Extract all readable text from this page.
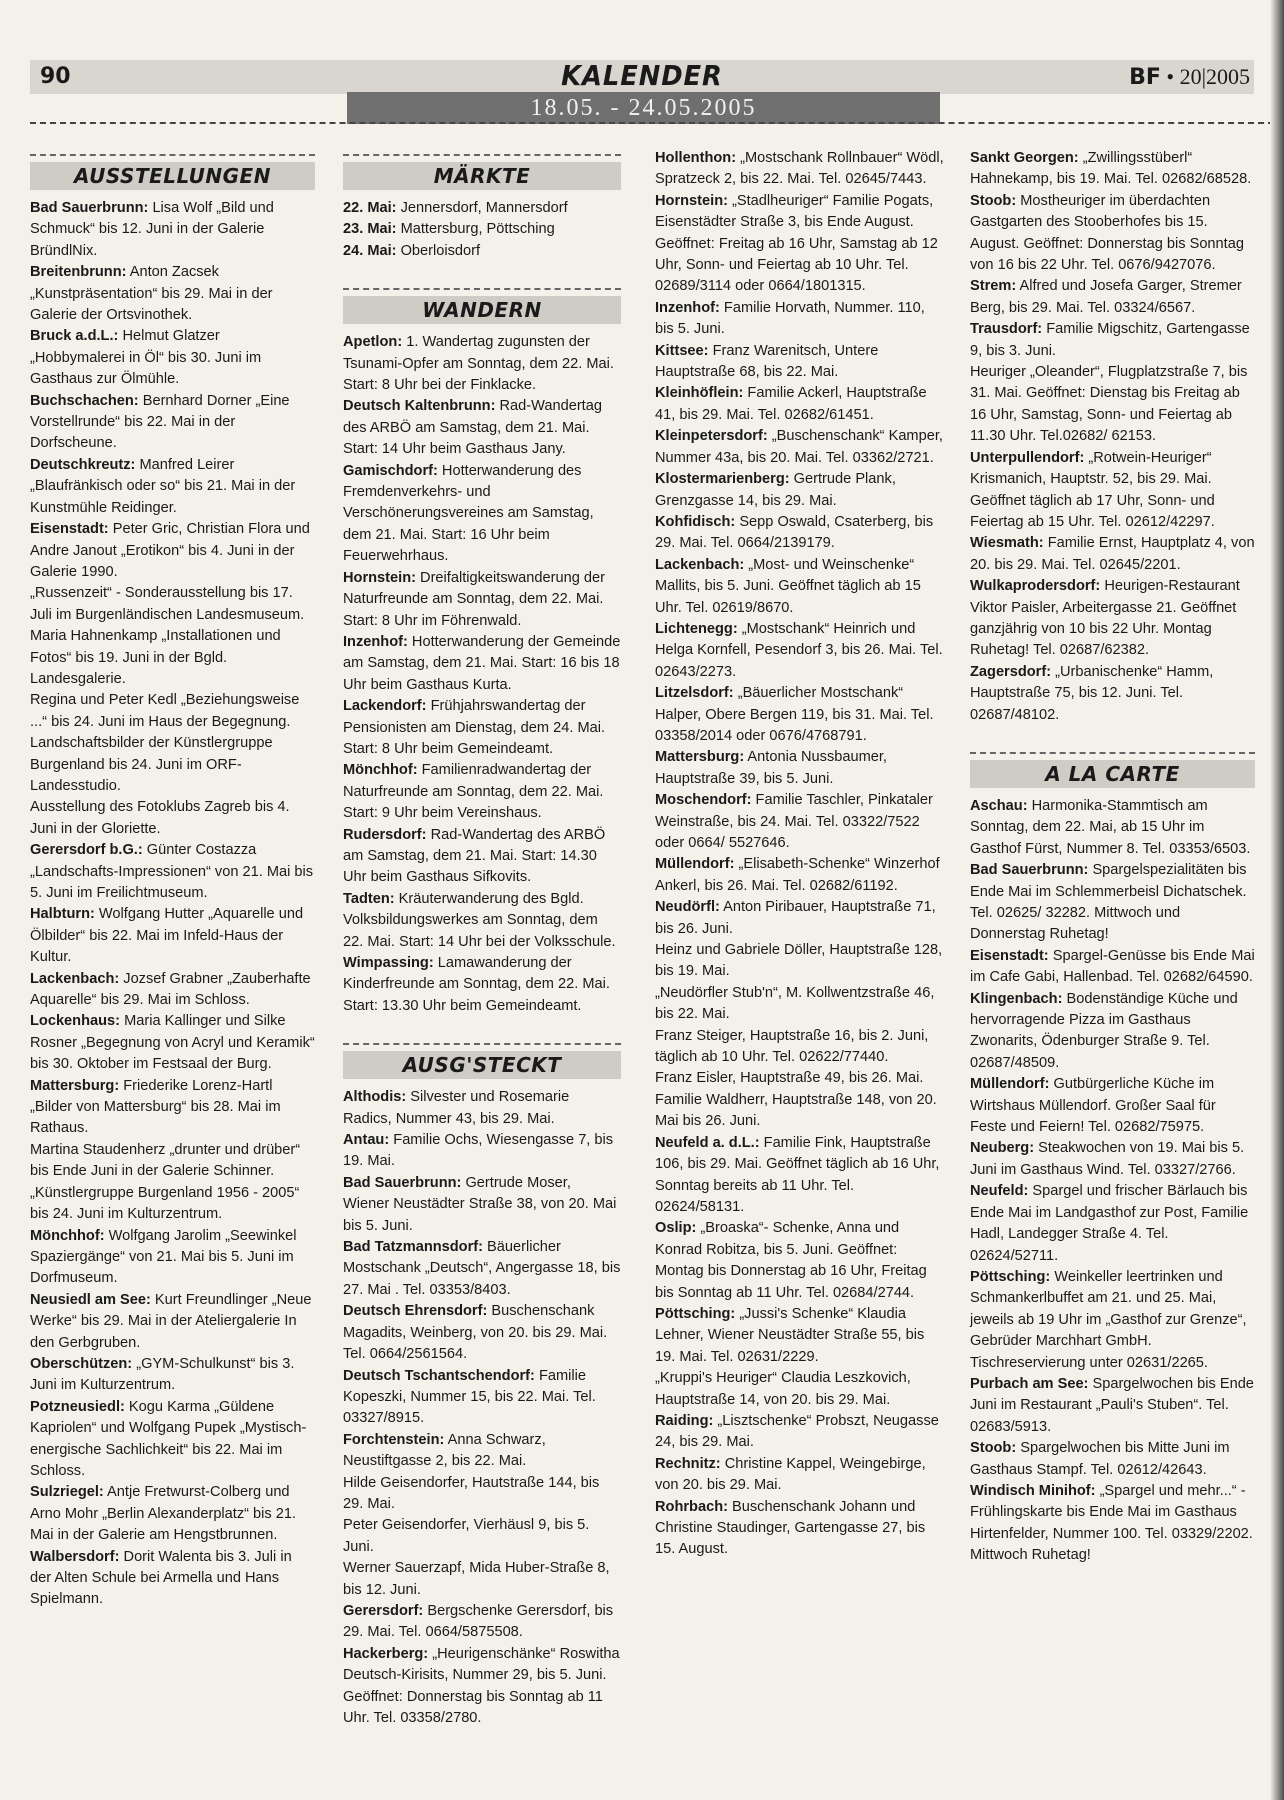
90	KALENDER	BF • 20|2005
18.05. - 24.05.2005
AUSSTELLUNGEN

Bad Sauerbrunn: Lisa Wolf „Bild und Schmuck“ bis 12. Juni in der Galerie BründlNix.

Breitenbrunn: Anton Zacsek „Kunstpräsentation“ bis 29. Mai in der Galerie der Ortsvinothek.

Bruck a.d.L.: Helmut Glatzer „Hobbymalerei in Öl“ bis 30. Juni im Gasthaus zur Ölmühle.

Buchschachen: Bernhard Dorner „Eine Vorstellrunde“ bis 22. Mai in der Dorfscheune.

Deutschkreutz: Manfred Leirer „Blaufränkisch oder so“ bis 21. Mai in der Kunstmühle Reidinger.

Eisenstadt: Peter Gric, Christian Flora und Andre Janout „Erotikon“ bis 4. Juni in der Galerie 1990.

„Russenzeit“ - Sonderausstellung bis 17. Juli im Burgenländischen Landesmuseum.

Maria Hahnenkamp „Installationen und Fotos“ bis 19. Juni in der Bgld. Landesgalerie.

Regina und Peter Kedl „Beziehungsweise ...“ bis 24. Juni im Haus der Begegnung.

Landschaftsbilder der Künstlergruppe Burgenland bis 24. Juni im ORF-Landesstudio.

Ausstellung des Fotoklubs Zagreb bis 4. Juni in der Gloriette.

Gerersdorf b.G.: Günter Costazza „Landschafts-Impressionen“ von 21. Mai bis 5. Juni im Freilichtmuseum.

Halbturn: Wolfgang Hutter „Aquarelle und Ölbilder“ bis 22. Mai im Infeld-Haus der Kultur.

Lackenbach: Jozsef Grabner „Zauberhafte Aquarelle“ bis 29. Mai im Schloss.

Lockenhaus: Maria Kallinger und Silke Rosner „Begegnung von Acryl und Keramik“ bis 30. Oktober im Festsaal der Burg.

Mattersburg: Friederike Lorenz-Hartl „Bilder von Mattersburg“ bis 28. Mai im Rathaus.

Martina Staudenherz „drunter und drüber“ bis Ende Juni in der Galerie Schinner.

„Künstlergruppe Burgenland 1956 - 2005“ bis 24. Juni im Kulturzentrum.

Mönchhof: Wolfgang Jarolim „Seewinkel Spaziergänge“ von 21. Mai bis 5. Juni im Dorfmuseum.

Neusiedl am See: Kurt Freundlinger „Neue Werke“ bis 29. Mai in der Ateliergalerie In den Gerbgruben.

Oberschützen: „GYM-Schulkunst“ bis 3. Juni im Kulturzentrum.

Potzneusiedl: Kogu Karma „Güldene Kapriolen“ und Wolfgang Pupek „Mystisch-energische Sachlichkeit“ bis 22. Mai im Schloss.

Sulzriegel: Antje Fretwurst-Colberg und Arno Mohr „Berlin Alexanderplatz“ bis 21. Mai in der Galerie am Hengstbrunnen.

Walbersdorf: Dorit Walenta bis 3. Juli in der Alten Schule bei Armella und Hans Spielmann.

MÄRKTE

22. Mai: Jennersdorf, Mannersdorf

23. Mai: Mattersburg, Pöttsching

24. Mai: Oberloisdorf

WANDERN

Apetlon: 1. Wandertag zugunsten der Tsunami-Opfer am Sonntag, dem 22. Mai. Start: 8 Uhr bei der Finklacke.

Deutsch Kaltenbrunn: Rad-Wandertag des ARBÖ am Samstag, dem 21. Mai. Start: 14 Uhr beim Gasthaus Jany.

Gamischdorf: Hotterwanderung des Fremdenverkehrs- und Verschönerungsvereines am Samstag, dem 21. Mai. Start: 16 Uhr beim Feuerwehrhaus.

Hornstein: Dreifaltigkeitswanderung der Naturfreunde am Sonntag, dem 22. Mai. Start: 8 Uhr im Föhrenwald.

Inzenhof: Hotterwanderung der Gemeinde am Samstag, dem 21. Mai. Start: 16 bis 18 Uhr beim Gasthaus Kurta.

Lackendorf: Frühjahrswandertag der Pensionisten am Dienstag, dem 24. Mai. Start: 8 Uhr beim Gemeindeamt.

Mönchhof: Familienradwandertag der Naturfreunde am Sonntag, dem 22. Mai. Start: 9 Uhr beim Vereinshaus.

Rudersdorf: Rad-Wandertag des ARBÖ am Samstag, dem 21. Mai. Start: 14.30 Uhr beim Gasthaus Sifkovits.

Tadten: Kräuterwanderung des Bgld. Volksbildungswerkes am Sonntag, dem 22. Mai. Start: 14 Uhr bei der Volksschule.

Wimpassing: Lamawanderung der Kinderfreunde am Sonntag, dem 22. Mai. Start: 13.30 Uhr beim Gemeindeamt.

AUSG'STECKT

Althodis: Silvester und Rosemarie Radics, Nummer 43, bis 29. Mai.

Antau: Familie Ochs, Wiesengasse 7, bis 19. Mai.

Bad Sauerbrunn: Gertrude Moser, Wiener Neustädter Straße 38, von 20. Mai bis 5. Juni.

Bad Tatzmannsdorf: Bäuerlicher Mostschank „Deutsch“, Angergasse 18, bis 27. Mai . Tel. 03353/8403.

Deutsch Ehrensdorf: Buschenschank Magadits, Weinberg, von 20. bis 29. Mai. Tel. 0664/2561564.

Deutsch Tschantschendorf: Familie Kopeszki, Nummer 15, bis 22. Mai. Tel. 03327/8915.

Forchtenstein: Anna Schwarz, Neustiftgasse 2, bis 22. Mai.

Hilde Geisendorfer, Hautstraße 144, bis 29. Mai.

Peter Geisendorfer, Vierhäusl 9, bis 5. Juni.

Werner Sauerzapf, Mida Huber-Straße 8, bis 12. Juni.

Gerersdorf: Bergschenke Gerersdorf, bis 29. Mai. Tel. 0664/5875508.

Hackerberg: „Heurigenschänke“ Roswitha Deutsch-Kirisits, Nummer 29, bis 5. Juni. Geöffnet: Donnerstag bis Sonntag ab 11 Uhr. Tel. 03358/2780.

Hollenthon: „Mostschank Rollnbauer“ Wödl, Spratzeck 2, bis 22. Mai. Tel. 02645/7443.

Hornstein: „Stadlheuriger“ Familie Pogats, Eisenstädter Straße 3, bis Ende August. Geöffnet: Freitag ab 16 Uhr, Samstag ab 12 Uhr, Sonn- und Feiertag ab 10 Uhr. Tel. 02689/3114 oder 0664/1801315.

Inzenhof: Familie Horvath, Nummer. 110, bis 5. Juni.

Kittsee: Franz Warenitsch, Untere Hauptstraße 68, bis 22. Mai.

Kleinhöflein: Familie Ackerl, Hauptstraße 41, bis 29. Mai. Tel. 02682/61451.

Kleinpetersdorf: „Buschenschank“ Kamper, Nummer 43a, bis 20. Mai. Tel. 03362/2721.

Klostermarienberg: Gertrude Plank, Grenzgasse 14, bis 29. Mai.

Kohfidisch: Sepp Oswald, Csaterberg, bis 29. Mai. Tel. 0664/2139179.

Lackenbach: „Most- und Weinschenke“ Mallits, bis 5. Juni. Geöffnet täglich ab 15 Uhr. Tel. 02619/8670.

Lichtenegg: „Mostschank“ Heinrich und Helga Kornfell, Pesendorf 3, bis 26. Mai. Tel. 02643/2273.

Litzelsdorf: „Bäuerlicher Mostschank“ Halper, Obere Bergen 119, bis 31. Mai. Tel. 03358/2014 oder 0676/4768791.

Mattersburg: Antonia Nussbaumer, Hauptstraße 39, bis 5. Juni.

Moschendorf: Familie Taschler, Pinkataler Weinstraße, bis 24. Mai. Tel. 03322/7522 oder 0664/ 5527646.

Müllendorf: „Elisabeth-Schenke“ Winzerhof Ankerl, bis 26. Mai. Tel. 02682/61192.

Neudörfl: Anton Piribauer, Hauptstraße 71, bis 26. Juni.

Heinz und Gabriele Döller, Hauptstraße 128, bis 19. Mai.

„Neudörfler Stub'n“, M. Kollwentzstraße 46, bis 22. Mai.

Franz Steiger, Hauptstraße 16, bis 2. Juni, täglich ab 10 Uhr. Tel. 02622/77440.

Franz Eisler, Hauptstraße 49, bis 26. Mai.

Familie Waldherr, Hauptstraße 148, von 20. Mai bis 26. Juni.

Neufeld a. d.L.: Familie Fink, Hauptstraße 106, bis 29. Mai. Geöffnet täglich ab 16 Uhr, Sonntag bereits ab 11 Uhr. Tel. 02624/58131.

Oslip: „Broaska“- Schenke, Anna und Konrad Robitza, bis 5. Juni. Geöffnet: Montag bis Donnerstag ab 16 Uhr, Freitag bis Sonntag ab 11 Uhr. Tel. 02684/2744.

Pöttsching: „Jussi's Schenke“ Klaudia Lehner, Wiener Neustädter Straße 55, bis 19. Mai. Tel. 02631/2229.

„Kruppi's Heuriger“ Claudia Leszkovich, Hauptstraße 14, von 20. bis 29. Mai.

Raiding: „Lisztschenke“ Probszt, Neugasse 24, bis 29. Mai.

Rechnitz: Christine Kappel, Weingebirge, von 20. bis 29. Mai.

Rohrbach: Buschenschank Johann und Christine Staudinger, Gartengasse 27, bis 15. August.

Sankt Georgen: „Zwillingsstüberl“ Hahnekamp, bis 19. Mai. Tel. 02682/68528.

Stoob: Mostheuriger im überdachten Gastgarten des Stooberhofes bis 15. August. Geöffnet: Donnerstag bis Sonntag von 16 bis 22 Uhr. Tel. 0676/9427076.

Strem: Alfred und Josefa Garger, Stremer Berg, bis 29. Mai. Tel. 03324/6567.

Trausdorf: Familie Migschitz, Gartengasse 9, bis 3. Juni.

Heuriger „Oleander“, Flugplatzstraße 7, bis 31. Mai. Geöffnet: Dienstag bis Freitag ab 16 Uhr, Samstag, Sonn- und Feiertag ab 11.30 Uhr. Tel.02682/ 62153.

Unterpullendorf: „Rotwein-Heuriger“ Krismanich, Hauptstr. 52, bis 29. Mai. Geöffnet täglich ab 17 Uhr, Sonn- und Feiertag ab 15 Uhr. Tel. 02612/42297.

Wiesmath: Familie Ernst, Hauptplatz 4, von 20. bis 29. Mai. Tel. 02645/2201.

Wulkaprodersdorf: Heurigen-Restaurant Viktor Paisler, Arbeitergasse 21. Geöffnet ganzjährig von 10 bis 22 Uhr. Montag Ruhetag! Tel. 02687/62382.

Zagersdorf: „Urbanischenke“ Hamm, Hauptstraße 75, bis 12. Juni. Tel. 02687/48102.

A LA CARTE

Aschau: Harmonika-Stammtisch am Sonntag, dem 22. Mai, ab 15 Uhr im Gasthof Fürst, Nummer 8. Tel. 03353/6503.

Bad Sauerbrunn: Spargelspezialitäten bis Ende Mai im Schlemmerbeisl Dichatschek. Tel. 02625/ 32282. Mittwoch und Donnerstag Ruhetag!

Eisenstadt: Spargel-Genüsse bis Ende Mai im Cafe Gabi, Hallenbad. Tel. 02682/64590.

Klingenbach: Bodenständige Küche und hervorragende Pizza im Gasthaus Zwonarits, Ödenburger Straße 9. Tel. 02687/48509.

Müllendorf: Gutbürgerliche Küche im Wirtshaus Müllendorf. Großer Saal für Feste und Feiern! Tel. 02682/75975.

Neuberg: Steakwochen von 19. Mai bis 5. Juni im Gasthaus Wind. Tel. 03327/2766.

Neufeld: Spargel und frischer Bärlauch bis Ende Mai im Landgasthof zur Post, Familie Hadl, Landegger Straße 4. Tel. 02624/52711.

Pöttsching: Weinkeller leertrinken und Schmankerlbuffet am 21. und 25. Mai, jeweils ab 19 Uhr im „Gasthof zur Grenze“, Gebrüder Marchhart GmbH. Tischreservierung unter 02631/2265.

Purbach am See: Spargelwochen bis Ende Juni im Restaurant „Pauli's Stuben“. Tel. 02683/5913.

Stoob: Spargelwochen bis Mitte Juni im Gasthaus Stampf. Tel. 02612/42643.

Windisch Minihof: „Spargel und mehr...“ - Frühlingskarte bis Ende Mai im Gasthaus Hirtenfelder, Nummer 100. Tel. 03329/2202. Mittwoch Ruhetag!
